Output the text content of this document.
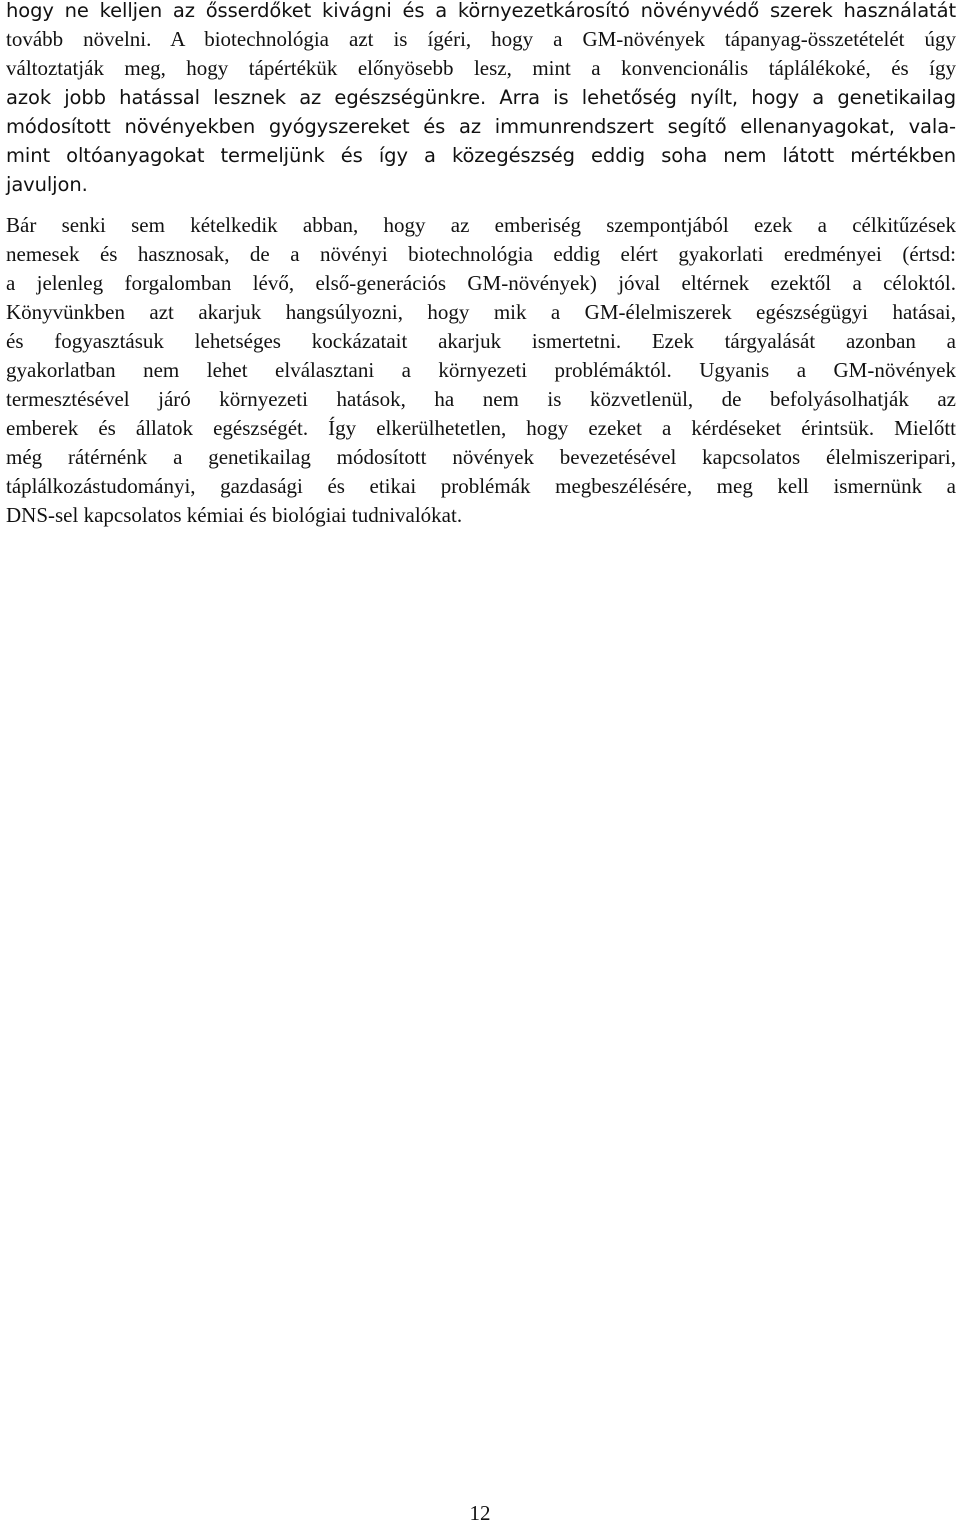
hogy ne kelljen az ősserdőket kivágni és a környezetkárosító növényvédő szerek használatát
tovább növelni. A biotechnológia azt is ígéri, hogy a GM-növények tápanyag-összetételét úgy
változtatják meg, hogy tápértékük előnyösebb lesz, mint a konvencionális táplálékoké, és így
azok jobb hatással lesznek az egészségünkre. Arra is lehetőség nyílt, hogy a genetikailag
módosított növényekben gyógyszereket és az immunrendszert segítő ellenanyagokat, vala-
mint oltóanyagokat termeljünk és így a közegészség eddig soha nem látott mértékben
javuljon.
Bár senki sem kételkedik abban, hogy az emberiség szempontjából ezek a célkitűzések
nemesek és hasznosak, de a növényi biotechnológia eddig elért gyakorlati eredményei (értsd:
a jelenleg forgalomban lévő, első-generációs GM-növények) jóval eltérnek ezektől a céloktól.
Könyvünkben azt akarjuk hangsúlyozni, hogy mik a GM-élelmiszerek egészségügyi hatásai,
és fogyasztásuk lehetséges kockázatait akarjuk ismertetni. Ezek tárgyalását azonban a
gyakorlatban nem lehet elválasztani a környezeti problémáktól. Ugyanis a GM-növények
termesztésével járó környezeti hatások, ha nem is közvetlenül, de befolyásolhatják az
emberek és állatok egészségét. Így elkerülhetetlen, hogy ezeket a kérdéseket érintsük. Mielőtt
még rátérnénk a genetikailag módosított növények bevezetésével kapcsolatos élelmiszeripari,
táplálkozástudományi, gazdasági és etikai problémák megbeszélésére, meg kell ismernünk a
DNS-sel kapcsolatos kémiai és biológiai tudnivalókat.
12
